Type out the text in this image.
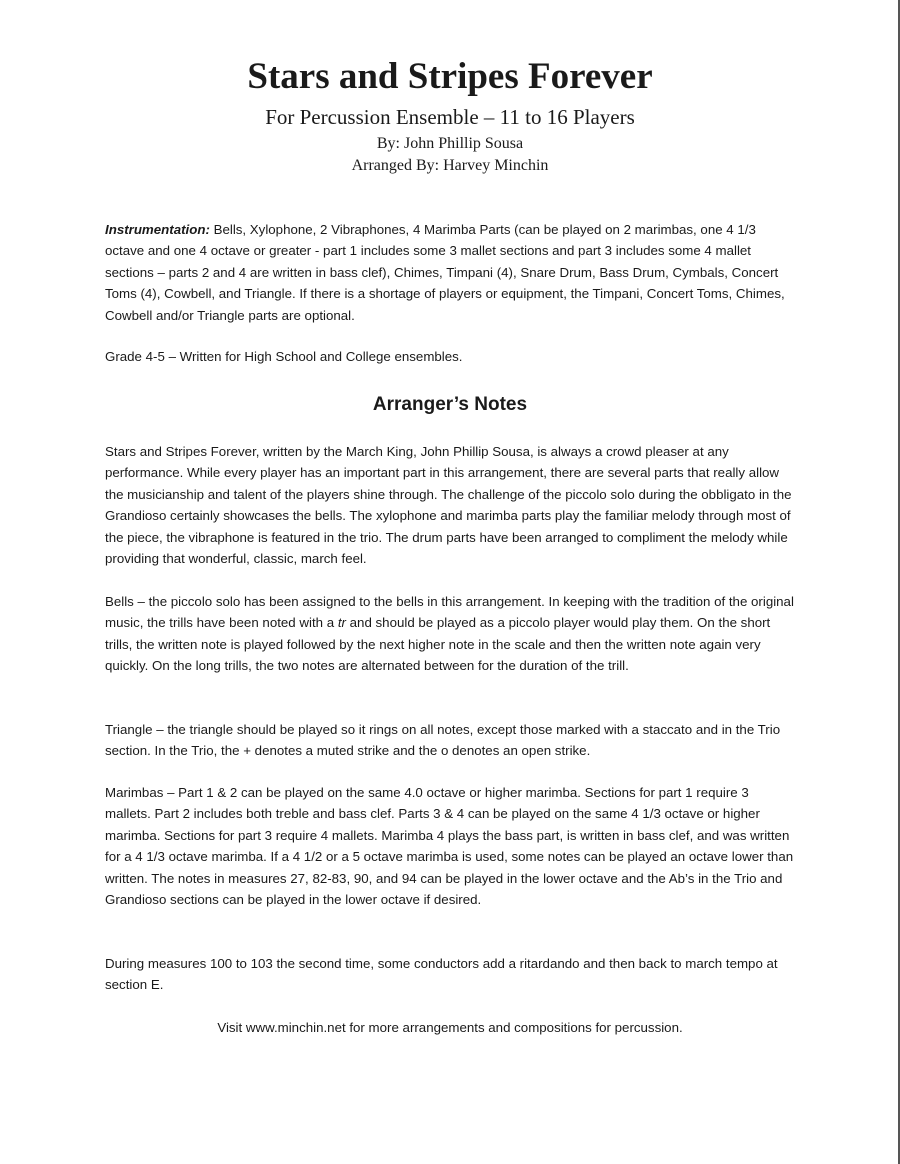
Stars and Stripes Forever
For Percussion Ensemble – 11 to 16 Players
By: John Phillip Sousa
Arranged By: Harvey Minchin

Instrumentation: Bells, Xylophone, 2 Vibraphones, 4 Marimba Parts (can be played on 2 marimbas, one 4 1/3 octave and one 4 octave or greater - part 1 includes some 3 mallet sections and part 3 includes some 4 mallet sections – parts 2 and 4 are written in bass clef), Chimes, Timpani (4), Snare Drum, Bass Drum, Cymbals, Concert Toms (4), Cowbell, and Triangle. If there is a shortage of players or equipment, the Timpani, Concert Toms, Chimes, Cowbell and/or Triangle parts are optional.

Grade 4-5 – Written for High School and College ensembles.

Arranger’s Notes

Stars and Stripes Forever, written by the March King, John Phillip Sousa, is always a crowd pleaser at any performance. While every player has an important part in this arrangement, there are several parts that really allow the musicianship and talent of the players shine through. The challenge of the piccolo solo during the obbligato in the Grandioso certainly showcases the bells. The xylophone and marimba parts play the familiar melody through most of the piece, the vibraphone is featured in the trio. The drum parts have been arranged to compliment the melody while providing that wonderful, classic, march feel.

Bells – the piccolo solo has been assigned to the bells in this arrangement. In keeping with the tradition of the original music, the trills have been noted with a tr and should be played as a piccolo player would play them. On the short trills, the written note is played followed by the next higher note in the scale and then the written note again very quickly. On the long trills, the two notes are alternated between for the duration of the trill.

Triangle – the triangle should be played so it rings on all notes, except those marked with a staccato and in the Trio section. In the Trio, the + denotes a muted strike and the o denotes an open strike.

Marimbas – Part 1 & 2 can be played on the same 4.0 octave or higher marimba. Sections for part 1 require 3 mallets. Part 2 includes both treble and bass clef. Parts 3 & 4 can be played on the same 4 1/3 octave or higher marimba. Sections for part 3 require 4 mallets. Marimba 4 plays the bass part, is written in bass clef, and was written for a 4 1/3 octave marimba. If a 4 1/2 or a 5 octave marimba is used, some notes can be played an octave lower than written. The notes in measures 27, 82-83, 90, and 94 can be played in the lower octave and the Ab’s in the Trio and Grandioso sections can be played in the lower octave if desired.

During measures 100 to 103 the second time, some conductors add a ritardando and then back to march tempo at section E.

Visit www.minchin.net for more arrangements and compositions for percussion.
